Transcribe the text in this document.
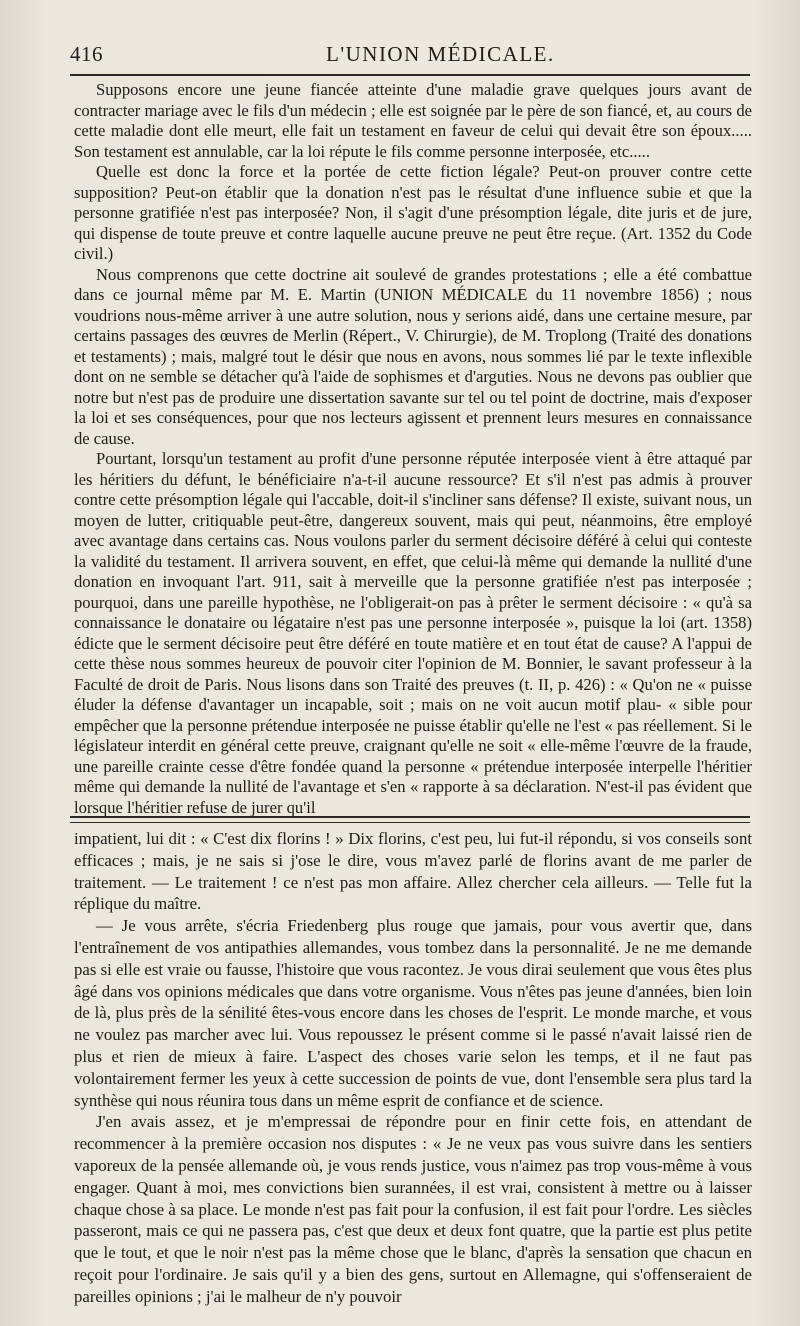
416	L'UNION MÉDICALE.

Supposons encore une jeune fiancée atteinte d'une maladie grave quelques jours avant de contracter mariage avec le fils d'un médecin ; elle est soignée par le père de son fiancé, et, au cours de cette maladie dont elle meurt, elle fait un testament en faveur de celui qui devait être son époux..... Son testament est annulable, car la loi répute le fils comme personne interposée, etc.....

Quelle est donc la force et la portée de cette fiction légale? Peut-on prouver contre cette supposition? Peut-on établir que la donation n'est pas le résultat d'une influence subie et que la personne gratifiée n'est pas interposée? Non, il s'agit d'une présomption légale, dite juris et de jure, qui dispense de toute preuve et contre laquelle aucune preuve ne peut être reçue. (Art. 1352 du Code civil.)

Nous comprenons que cette doctrine ait soulevé de grandes protestations ; elle a été combattue dans ce journal même par M. E. Martin (UNION MÉDICALE du 11 novembre 1856) ; nous voudrions nous-même arriver à une autre solution, nous y serions aidé, dans une certaine mesure, par certains passages des œuvres de Merlin (Répert., V. Chirurgie), de M. Troplong (Traité des donations et testaments) ; mais, malgré tout le désir que nous en avons, nous sommes lié par le texte inflexible dont on ne semble se détacher qu'à l'aide de sophismes et d'arguties. Nous ne devons pas oublier que notre but n'est pas de produire une dissertation savante sur tel ou tel point de doctrine, mais d'exposer la loi et ses conséquences, pour que nos lecteurs agissent et prennent leurs mesures en connaissance de cause.

Pourtant, lorsqu'un testament au profit d'une personne réputée interposée vient à être attaqué par les héritiers du défunt, le bénéficiaire n'a-t-il aucune ressource? Et s'il n'est pas admis à prouver contre cette présomption légale qui l'accable, doit-il s'incliner sans défense? Il existe, suivant nous, un moyen de lutter, critiquable peut-être, dangereux souvent, mais qui peut, néanmoins, être employé avec avantage dans certains cas. Nous voulons parler du serment décisoire déféré à celui qui conteste la validité du testament. Il arrivera souvent, en effet, que celui-là même qui demande la nullité d'une donation en invoquant l'art. 911, sait à merveille que la personne gratifiée n'est pas interposée ; pourquoi, dans une pareille hypothèse, ne l'obligerait-on pas à prêter le serment décisoire : « qu'à sa connaissance le donataire ou légataire n'est pas une personne interposée », puisque la loi (art. 1358) édicte que le serment décisoire peut être déféré en toute matière et en tout état de cause? A l'appui de cette thèse nous sommes heureux de pouvoir citer l'opinion de M. Bonnier, le savant professeur à la Faculté de droit de Paris. Nous lisons dans son Traité des preuves (t. II, p. 426) : « Qu'on ne « puisse éluder la défense d'avantager un incapable, soit ; mais on ne voit aucun motif plau- « sible pour empêcher que la personne prétendue interposée ne puisse établir qu'elle ne l'est « pas réellement. Si le législateur interdit en général cette preuve, craignant qu'elle ne soit « elle-même l'œuvre de la fraude, une pareille crainte cesse d'être fondée quand la personne « prétendue interposée interpelle l'héritier même qui demande la nullité de l'avantage et s'en « rapporte à sa déclaration. N'est-il pas évident que lorsque l'héritier refuse de jurer qu'il

impatient, lui dit : « C'est dix florins ! » Dix florins, c'est peu, lui fut-il répondu, si vos conseils sont efficaces ; mais, je ne sais si j'ose le dire, vous m'avez parlé de florins avant de me parler de traitement. — Le traitement ! ce n'est pas mon affaire. Allez chercher cela ailleurs. — Telle fut la réplique du maître.

— Je vous arrête, s'écria Friedenberg plus rouge que jamais, pour vous avertir que, dans l'entraînement de vos antipathies allemandes, vous tombez dans la personnalité. Je ne me demande pas si elle est vraie ou fausse, l'histoire que vous racontez. Je vous dirai seulement que vous êtes plus âgé dans vos opinions médicales que dans votre organisme. Vous n'êtes pas jeune d'années, bien loin de là, plus près de la sénilité êtes-vous encore dans les choses de l'esprit. Le monde marche, et vous ne voulez pas marcher avec lui. Vous repoussez le présent comme si le passé n'avait laissé rien de plus et rien de mieux à faire. L'aspect des choses varie selon les temps, et il ne faut pas volontairement fermer les yeux à cette succession de points de vue, dont l'ensemble sera plus tard la synthèse qui nous réunira tous dans un même esprit de confiance et de science.

J'en avais assez, et je m'empressai de répondre pour en finir cette fois, en attendant de recommencer à la première occasion nos disputes : « Je ne veux pas vous suivre dans les sentiers vaporeux de la pensée allemande où, je vous rends justice, vous n'aimez pas trop vous-même à vous engager. Quant à moi, mes convictions bien surannées, il est vrai, consistent à mettre ou à laisser chaque chose à sa place. Le monde n'est pas fait pour la confusion, il est fait pour l'ordre. Les siècles passeront, mais ce qui ne passera pas, c'est que deux et deux font quatre, que la partie est plus petite que le tout, et que le noir n'est pas la même chose que le blanc, d'après la sensation que chacun en reçoit pour l'ordinaire. Je sais qu'il y a bien des gens, surtout en Allemagne, qui s'offenseraient de pareilles opinions ; j'ai le malheur de n'y pouvoir
